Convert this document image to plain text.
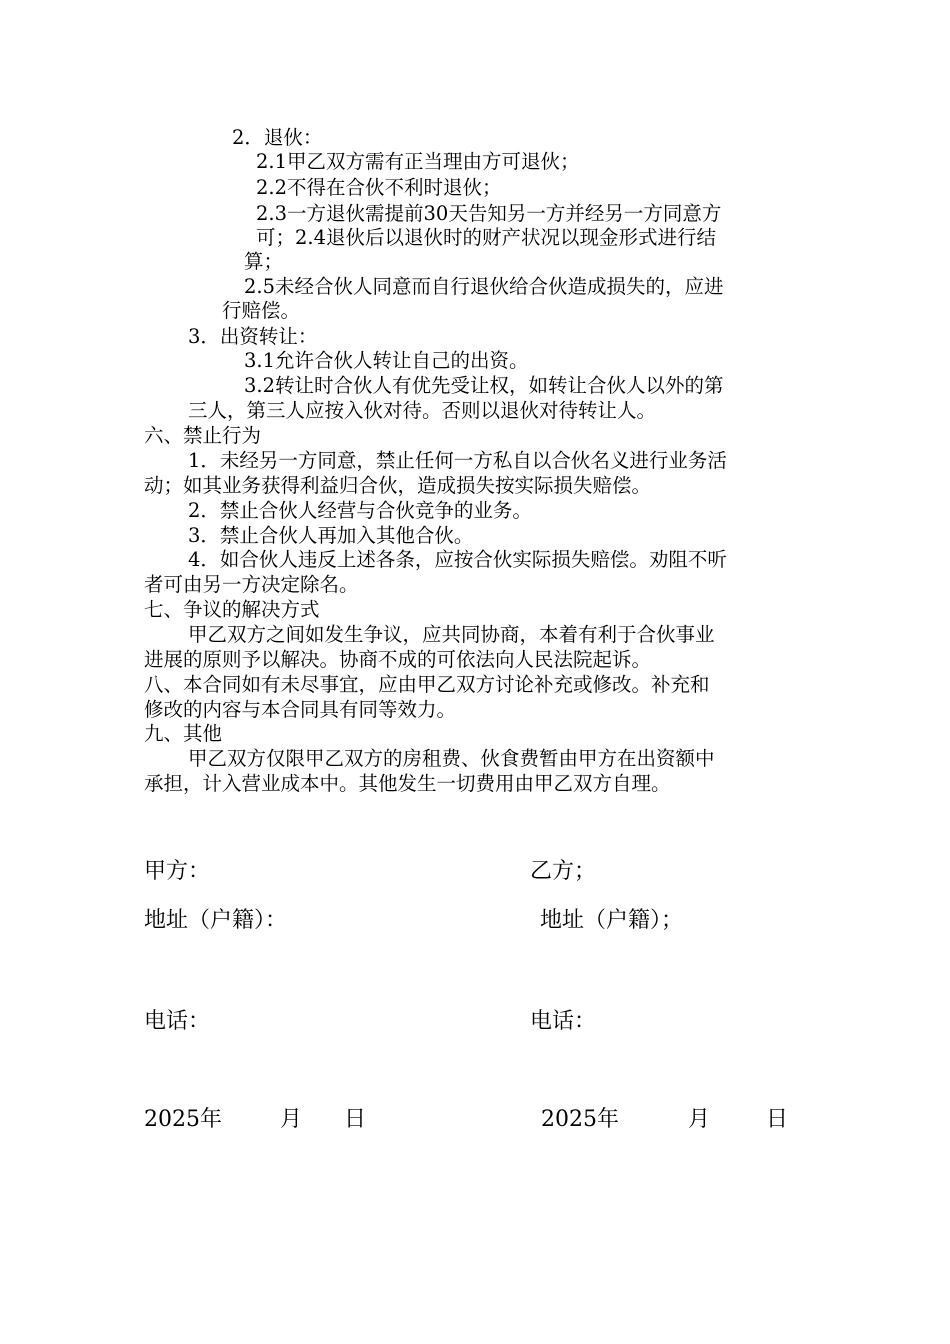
2．退伙：

2.1甲乙双方需有正当理由方可退伙；

2.2不得在合伙不利时退伙；

2.3一方退伙需提前30天告知另一方并经另一方同意方

可；2.4退伙后以退伙时的财产状况以现金形式进行结

算；

2.5未经合伙人同意而自行退伙给合伙造成损失的，应进

行赔偿。

3．出资转让：

3.1允许合伙人转让自己的出资。

3.2转让时合伙人有优先受让权，如转让合伙人以外的第

三人，第三人应按入伙对待。否则以退伙对待转让人。

六、禁止行为

1．未经另一方同意，禁止任何一方私自以合伙名义进行业务活

动；如其业务获得利益归合伙，造成损失按实际损失赔偿。

2．禁止合伙人经营与合伙竞争的业务。

3．禁止合伙人再加入其他合伙。

4．如合伙人违反上述各条，应按合伙实际损失赔偿。劝阻不听

者可由另一方决定除名。

七、争议的解决方式

甲乙双方之间如发生争议，应共同协商，本着有利于合伙事业

进展的原则予以解决。协商不成的可依法向人民法院起诉。

八、本合同如有未尽事宜，应由甲乙双方讨论补充或修改。补充和

修改的内容与本合同具有同等效力。

九、其他

甲乙双方仅限甲乙双方的房租费、伙食费暂由甲方在出资额中

承担，计入营业成本中。其他发生一切费用由甲乙双方自理。

甲方：	乙方；

地址（户籍）：	地址（户籍）；

电话：	电话：

2025年	月 日	2025年	月	日
